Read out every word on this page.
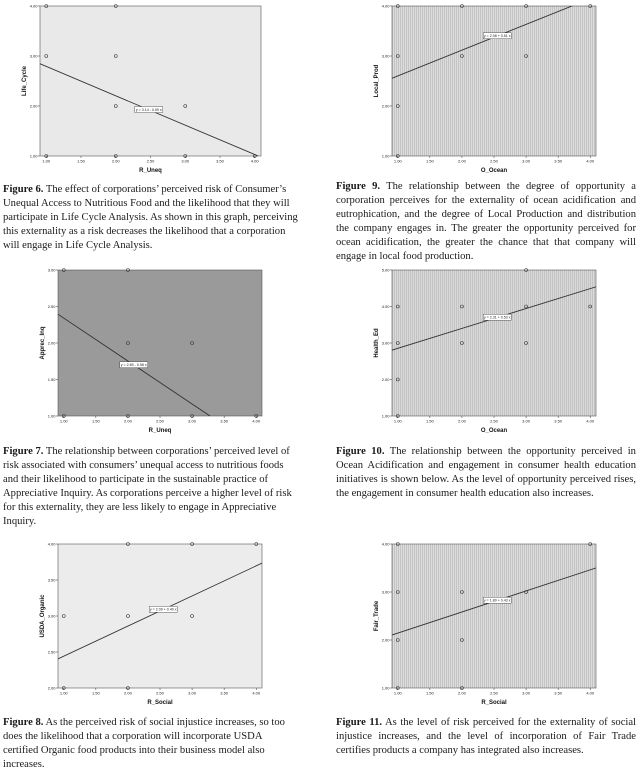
1.00
2.00
3.00
4.00
1.00	1.50	2.00	2.50	3.00	3.50	4.00
R_Uneq
Life_Cycle
y = 3.14 - 0.59 x

Figure 6. The effect of corporations’ perceived risk of Consumer’s Unequal Access to Nutritious Food and the likelihood that they will participate in Life Cycle Analysis. As shown in this graph, perceiving this externality as a risk decreases the likelihood that a corporation will engage in Life Cycle Analysis.

1.00
2.00
3.00
4.00
1.00	1.50	2.00	2.50	3.00	3.50	4.00
O_Ocean
Local_Prod
y = 2.08 + 0.51 x

Figure 9. The relationship between the degree of opportunity a corporation perceives for the externality of ocean acidification and eutrophication, and the degree of Local Production and distribution the company engages in. The greater the opportunity perceived for ocean acidification, the greater the chance that that company will engage in local food production.

1.00
1.50
2.00
2.50
3.00
1.00	1.50	2.00	2.50	3.00	3.50	4.00
R_Uneq
Apprec_Inq
y = 2.89 - 0.58 x

Figure 7. The relationship between corporations’ perceived level of risk associated with consumers’ unequal access to nutritious foods and their likelihood to participate in the sustainable practice of Appreciative Inquiry. As corporations perceive a higher level of risk for this externality, they are less likely to engage in Appreciative Inquiry.

1.00
2.00
3.00
4.00
5.00
1.00	1.50	2.00	2.50	3.00	3.50	4.00
O_Ocean
Health_Ed
y = 2.31 + 0.53 x

Figure 10. The relationship between the opportunity perceived in Ocean Acidification and engagement in consumer health education initiatives is shown below. As the level of opportunity perceived rises, the engagement in consumer health education also increases.

2.00
2.50
3.00
3.50
4.00
1.00	1.50	2.00	2.50	3.00	3.50	4.00
R_Social
USDA_Organic	y = 2.09 + 0.40 x

Figure 8. As the perceived risk of social injustice increases, so too does the likelihood that a corporation will incorporate USDA certified Organic food products into their business model also increases.

1.00
2.00
3.00
4.00
1.00	1.50	2.00	2.50	3.00	3.50	4.00
R_Social
Fair_Trade
y = 1.80 + 0.43 x

Figure 11. As the level of risk perceived for the externality of social injustice increases, and the level of incorporation of Fair Trade certifies products a company has integrated also increases.
